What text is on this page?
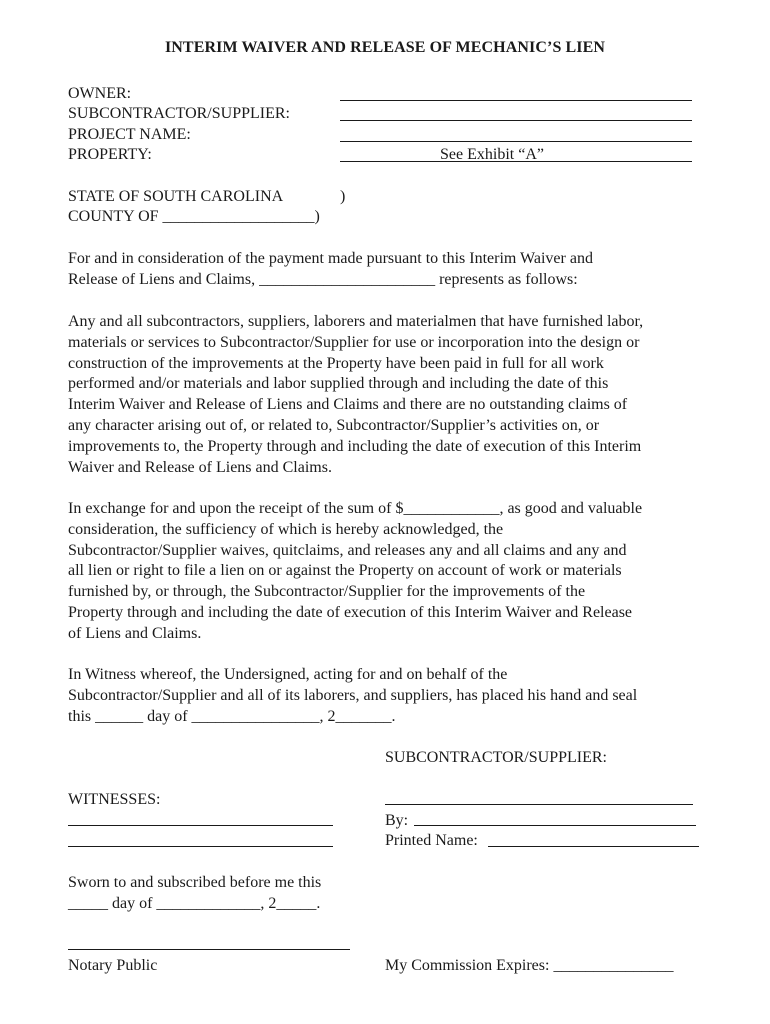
INTERIM WAIVER AND RELEASE OF MECHANIC’S LIEN
OWNER:
SUBCONTRACTOR/SUPPLIER:
PROJECT NAME:
PROPERTY:	See Exhibit “A”
STATE OF SOUTH CAROLINA	)
COUNTY OF ___________________)
For and in consideration of the payment made pursuant to this Interim Waiver and
Release of Liens and Claims, ______________________ represents as follows:
Any and all subcontractors, suppliers, laborers and materialmen that have furnished labor,
materials or services to Subcontractor/Supplier for use or incorporation into the design or
construction of the improvements at the Property have been paid in full for all work
performed and/or materials and labor supplied through and including the date of this
Interim Waiver and Release of Liens and Claims and there are no outstanding claims of
any character arising out of, or related to, Subcontractor/Supplier’s activities on, or
improvements to, the Property through and including the date of execution of this Interim
Waiver and Release of Liens and Claims.
In exchange for and upon the receipt of the sum of $____________, as good and valuable
consideration, the sufficiency of which is hereby acknowledged, the
Subcontractor/Supplier waives, quitclaims, and releases any and all claims and any and
all lien or right to file a lien on or against the Property on account of work or materials
furnished by, or through, the Subcontractor/Supplier for the improvements of the
Property through and including the date of execution of this Interim Waiver and Release
of Liens and Claims.
In Witness whereof, the Undersigned, acting for and on behalf of the
Subcontractor/Supplier and all of its laborers, and suppliers, has placed his hand and seal
this ______ day of ________________, 2_______.
SUBCONTRACTOR/SUPPLIER:
WITNESSES:
By:
Printed Name:
Sworn to and subscribed before me this
_____ day of _____________, 2_____.
Notary Public	My Commission Expires: _______________
